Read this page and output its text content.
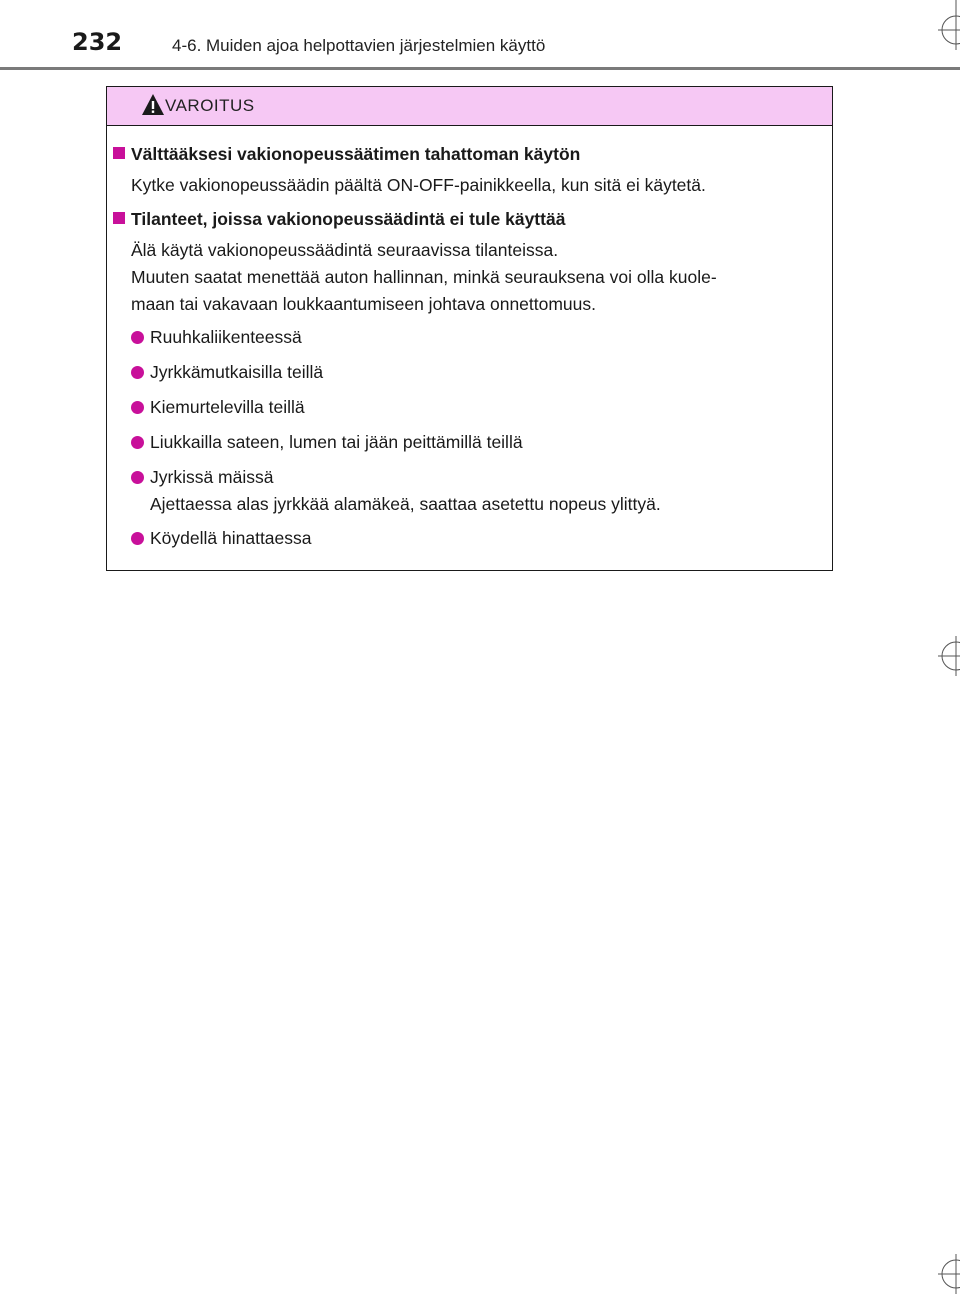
232	4-6. Muiden ajoa helpottavien järjestelmien käyttö
VAROITUS
Välttääksesi vakionopeussäätimen tahattoman käytön
Kytke vakionopeussäädin päältä ON-OFF-painikkeella, kun sitä ei käytetä.
Tilanteet, joissa vakionopeussäädintä ei tule käyttää
Älä käytä vakionopeussäädintä seuraavissa tilanteissa.
Muuten saatat menettää auton hallinnan, minkä seurauksena voi olla kuole-
maan tai vakavaan loukkaantumiseen johtava onnettomuus.
Ruuhkaliikenteessä
Jyrkkämutkaisilla teillä
Kiemurtelevilla teillä
Liukkailla sateen, lumen tai jään peittämillä teillä
Jyrkissä mäissä
Ajettaessa alas jyrkkää alamäkeä, saattaa asetettu nopeus ylittyä.
Köydellä hinattaessa
